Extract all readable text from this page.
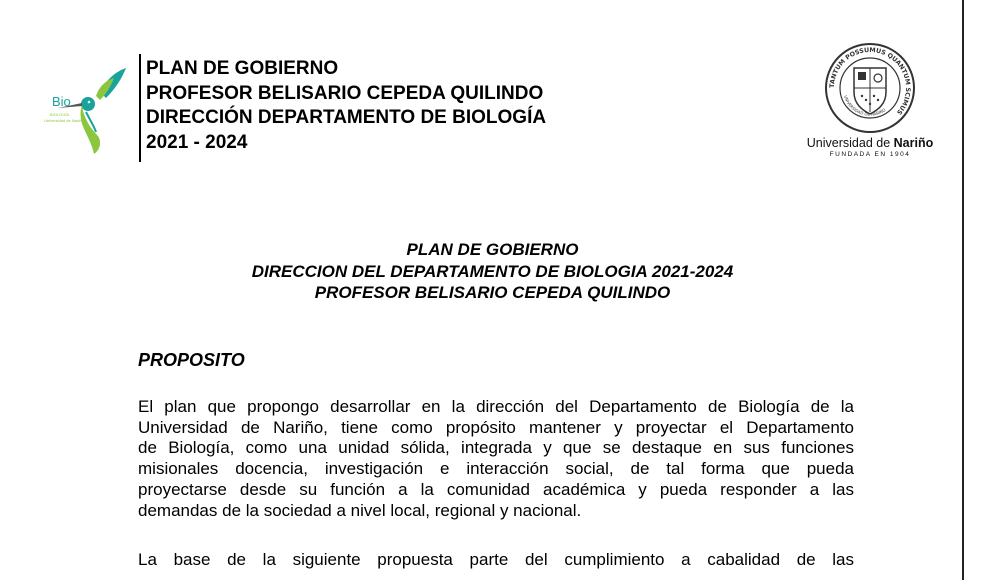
Bio
BIOLOGÍA
Universidad de Nariño
PLAN DE GOBIERNO
PROFESOR BELISARIO CEPEDA QUILINDO
DIRECCIÓN DEPARTAMENTO DE BIOLOGÍA
2021 - 2024
TANTUM POSSUMUS QUANTUM SCIMUS
UNIVERSIDAD DE NARIÑO
Universidad de Nariño
FUNDADA EN 1904
PLAN DE GOBIERNO
DIRECCION DEL DEPARTAMENTO DE BIOLOGIA 2021-2024
PROFESOR BELISARIO CEPEDA QUILINDO
PROPOSITO
El plan que propongo desarrollar en la dirección del Departamento de Biología de la
Universidad de Nariño, tiene como propósito mantener y proyectar el Departamento
de Biología, como una unidad sólida, integrada y que se destaque en sus funciones
misionales docencia, investigación e interacción social, de tal forma que pueda
proyectarse desde su función a la comunidad académica y pueda responder a las
demandas de la sociedad a nivel local, regional y nacional.
La base de la siguiente propuesta parte del cumplimiento a cabalidad de las
